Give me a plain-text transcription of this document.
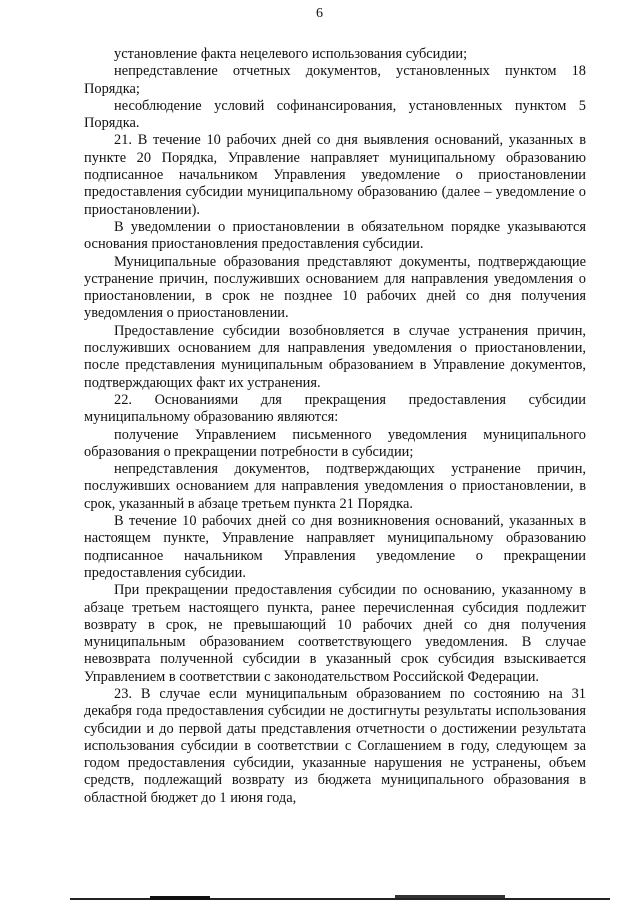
6

установление факта нецелевого использования субсидии;

непредставление отчетных документов, установленных пунктом 18 Порядка;

несоблюдение условий софинансирования, установленных пунктом 5 Порядка.

21. В течение 10 рабочих дней со дня выявления оснований, указанных в пункте 20 Порядка, Управление направляет муниципальному образованию подписанное начальником Управления уведомление о приостановлении предоставления субсидии муниципальному образованию (далее – уведомление о приостановлении).

В уведомлении о приостановлении в обязательном порядке указываются основания приостановления предоставления субсидии.

Муниципальные образования представляют документы, подтверждающие устранение причин, послуживших основанием для направления уведомления о приостановлении, в срок не позднее 10 рабочих дней со дня получения уведомления о приостановлении.

Предоставление субсидии возобновляется в случае устранения причин, послуживших основанием для направления уведомления о приостановлении, после представления муниципальным образованием в Управление документов, подтверждающих факт их устранения.

22. Основаниями для прекращения предоставления субсидии муниципальному образованию являются:

получение Управлением письменного уведомления муниципального образования о прекращении потребности в субсидии;

непредставления документов, подтверждающих устранение причин, послуживших основанием для направления уведомления о приостановлении, в срок, указанный в абзаце третьем пункта 21 Порядка.

В течение 10 рабочих дней со дня возникновения оснований, указанных в настоящем пункте, Управление направляет муниципальному образованию подписанное начальником Управления уведомление о прекращении предоставления субсидии.

При прекращении предоставления субсидии по основанию, указанному в абзаце третьем настоящего пункта, ранее перечисленная субсидия подлежит возврату в срок, не превышающий 10 рабочих дней со дня получения муниципальным образованием соответствующего уведомления. В случае невозврата полученной субсидии в указанный срок субсидия взыскивается Управлением в соответствии с законодательством Российской Федерации.

23. В случае если муниципальным образованием по состоянию на 31 декабря года предоставления субсидии не достигнуты результаты использования субсидии и до первой даты представления отчетности о достижении результата использования субсидии в соответствии с Соглашением в году, следующем за годом предоставления субсидии, указанные нарушения не устранены, объем средств, подлежащий возврату из бюджета муниципального образования в областной бюджет до 1 июня года,
